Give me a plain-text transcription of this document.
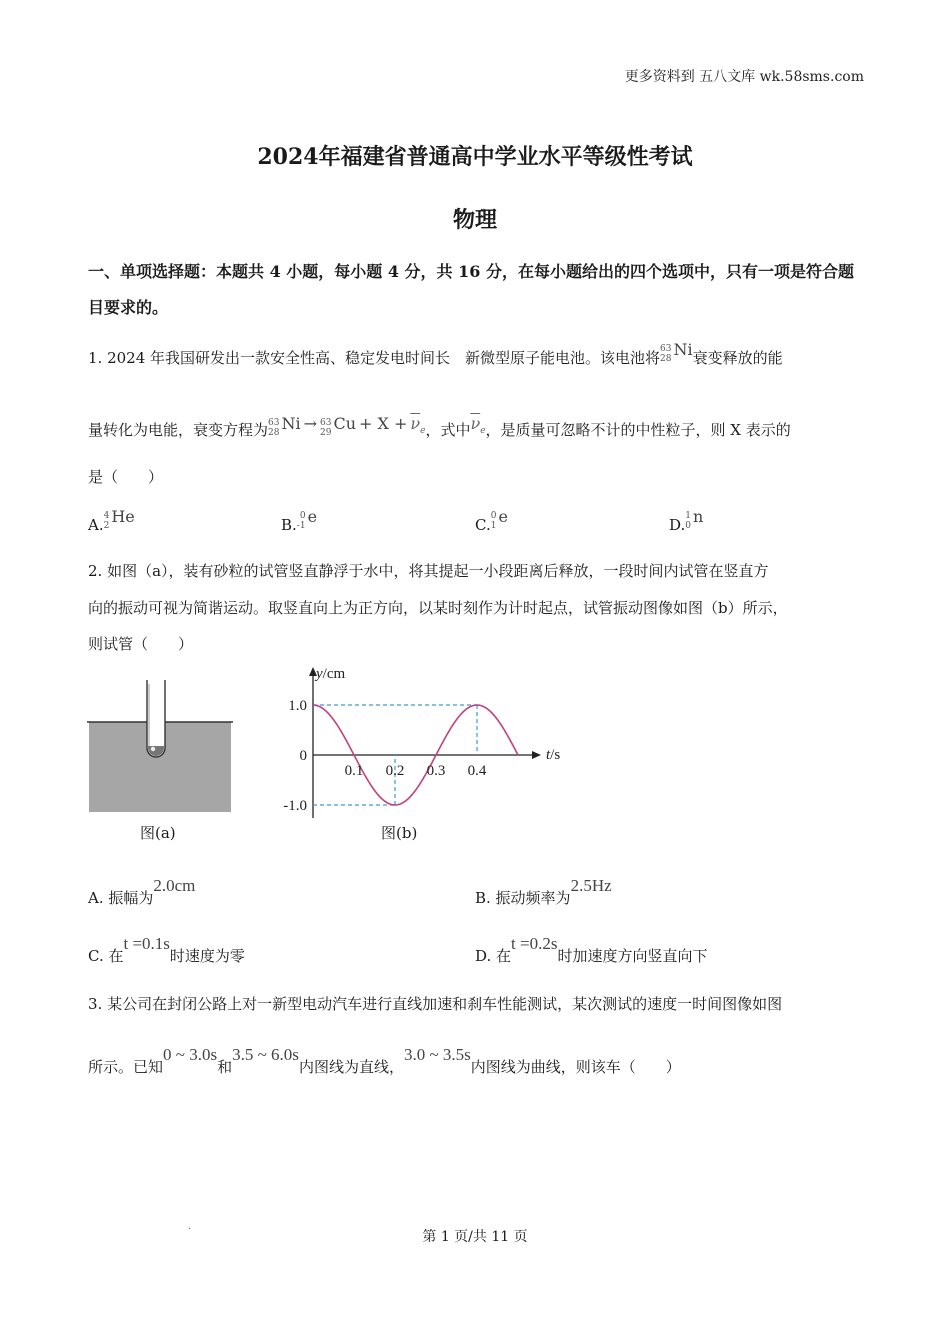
更多资料到 五八文库 wk.58sms.com
2024年福建省普通高中学业水平等级性考试
物理
一、单项选择题：本题共 4 小题，每小题 4 分，共 16 分，在每小题给出的四个选项中，只有一项是符合题目要求的。
1. 2024 年我国研发出一款安全性高、稳定发电时间长　新微型原子能电池。该电池将 63
28 Ni衰变释放的能
量转化为电能，衰变方程为 63
28 Ni → 63
29 $Cu + X + \overline{\nu}_e$，式中$\overline{\nu}_e$，是质量可忽略不计的中性粒子，则 X 表示的
是（　　）
A. 4
2 He	B. 0
-1 e	C. 0
1 e	D. 1
0 n
2. 如图（a），装有砂粒的试管竖直静浮于水中，将其提起一小段距离后释放，一段时间内试管在竖直方
向的振动可视为简谐运动。取竖直向上为正方向，以某时刻作为计时起点，试管振动图像如图（b）所示，
则试管（　　）
图(a)
y/cm
t/s
1.0
0
-1.0
0.1 0.2 0.3 0.4
图(b)
A. 振幅为2.0cm
B. 振动频率为2.5Hz
C. 在t =0.1s时速度为零	D. 在t =0.2s时加速度方向竖直向下
3. 某公司在封闭公路上对一新型电动汽车进行直线加速和刹车性能测试，某次测试的速度一时间图像如图
所示。已知0 ~ 3.0s和3.5 ~ 6.0s内图线为直线，3.0 ~ 3.5s内图线为曲线，则该车（　　）
·	第 1 页/共 11 页
